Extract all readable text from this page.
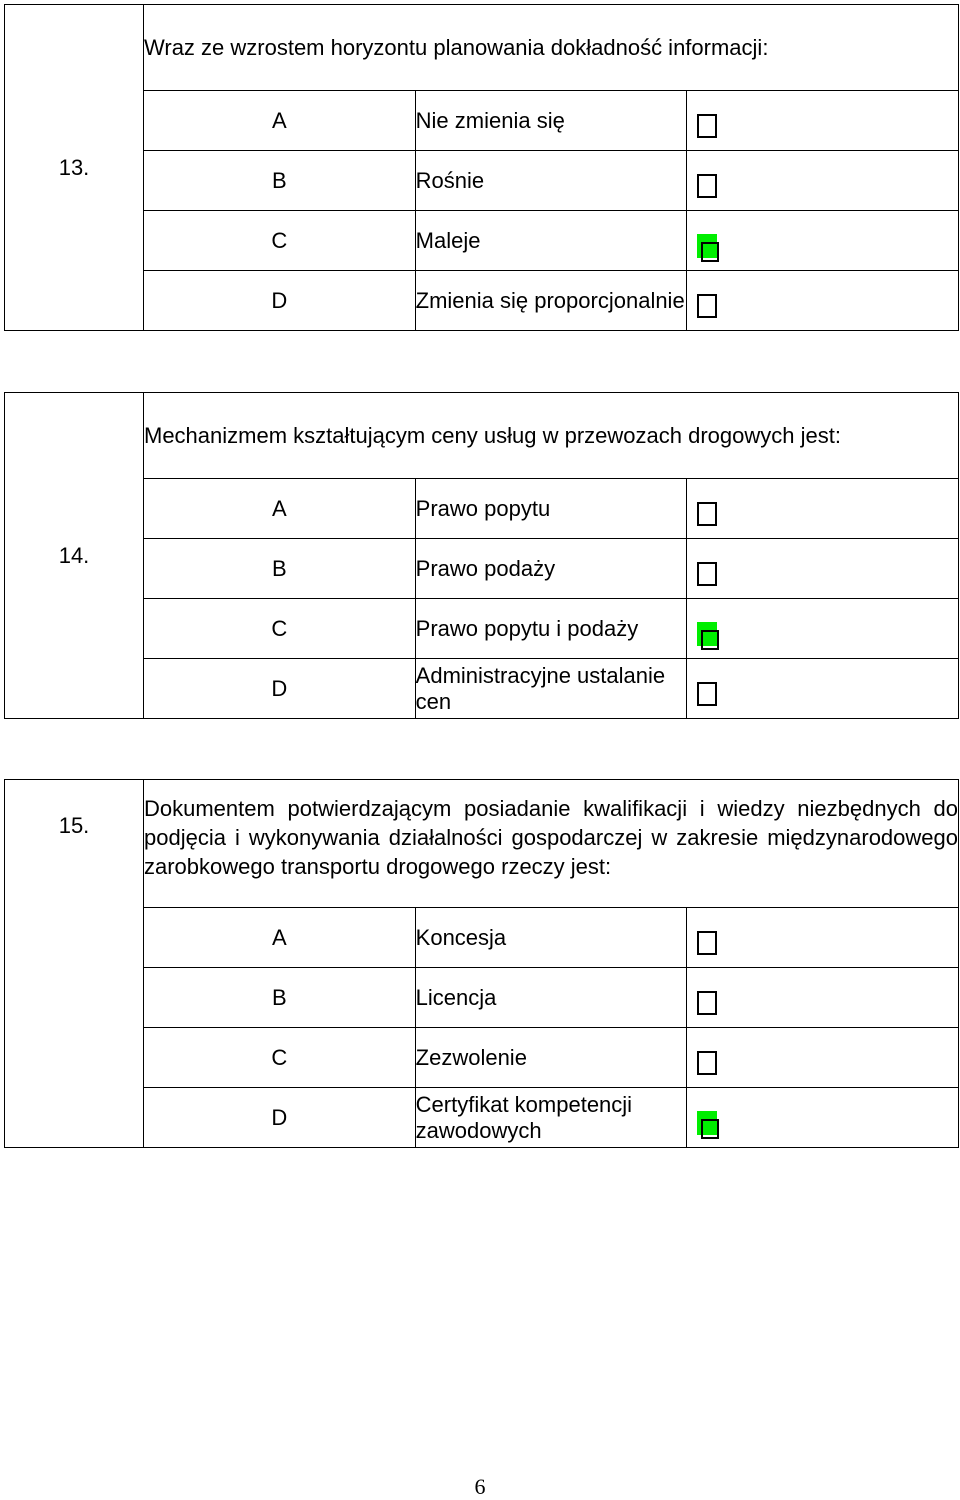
13.	Wraz ze wzrostem horyzontu planowania dokładność informacji:		
	A	Nie zmienia się	

	B	Rośnie	

	C	Maleje	

	D	Zmienia się proporcjonalnie	
14.	Mechanizmem kształtującym ceny usług w przewozach drogowych jest:		
	A	Prawo popytu	

	B	Prawo podaży	

	C	Prawo popytu i podaży	

	D	Administracyjne ustalanie cen	
15.	Dokumentem potwierdzającym posiadanie kwalifikacji i wiedzy niezbędnych do podjęcia i wykonywania działalności gospodarczej w zakresie międzynarodowego zarobkowego transportu drogowego rzeczy jest:		
	A	Koncesja	

	B	Licencja	

	C	Zezwolenie	

	D	Certyfikat kompetencji zawodowych	
6
